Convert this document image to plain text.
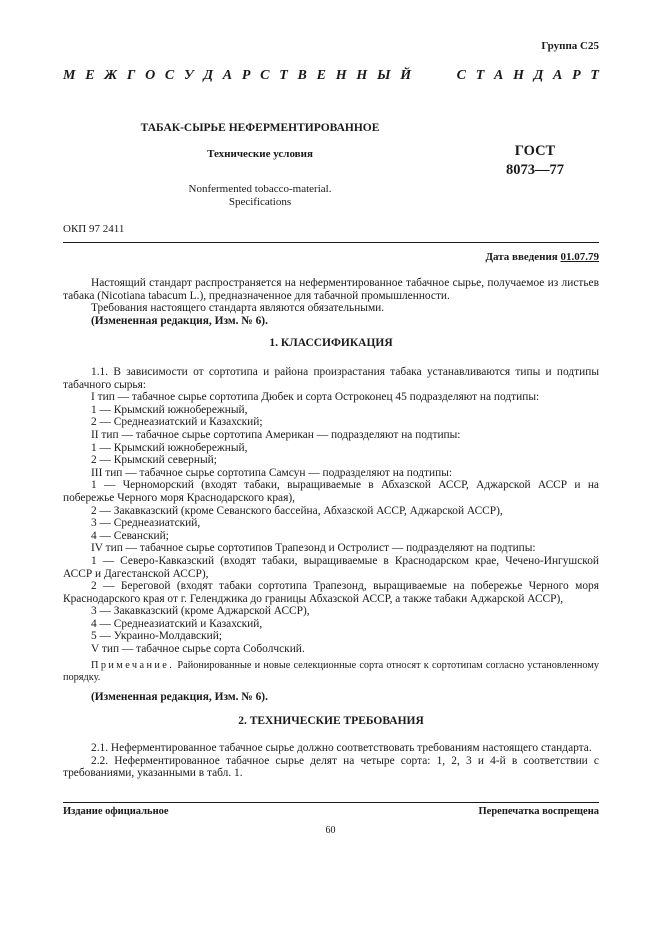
Группа С25
М Е Ж Г О С У Д А Р С Т В Е Н Н Ы Й	С Т А Н Д А Р Т
ТАБАК-СЫРЬЕ НЕФЕРМЕНТИРОВАННОЕ
Технические условия	ГОСТ
8073—77
Nonfermented tobacco-material.
Specifications
ОКП 97 2411
Дата введения 01.07.79

Настоящий стандарт распространяется на неферментированное табачное сырье, получаемое из листьев табака (Nicotiana tabacum L.), предназначенное для табачной промышленности.

Требования настоящего стандарта являются обязательными.

(Измененная редакция, Изм. № 6).

1. КЛАССИФИКАЦИЯ

1.1. В зависимости от сортотипа и района произрастания табака устанавливаются типы и подтипы табачного сырья:

I тип — табачное сырье сортотипа Дюбек и сорта Остроконец 45 подразделяют на подтипы:

1 — Крымский южнобережный,

2 — Среднеазиатский и Казахский;

II тип — табачное сырье сортотипа Американ — подразделяют на подтипы:

1 — Крымский южнобережный,

2 — Крымский северный;

III тип — табачное сырье сортотипа Самсун — подразделяют на подтипы:

1 — Черноморский (входят табаки, выращиваемые в Абхазской АССР, Аджарской АССР и на побережье Черного моря Краснодарского края),

2 — Закавказский (кроме Севанского бассейна, Абхазской АССР, Аджарской АССР),

3 — Среднеазиатский,

4 — Севанский;

IV тип — табачное сырье сортотипов Трапезонд и Остролист — подразделяют на подтипы:

1 — Северо-Кавказский (входят табаки, выращиваемые в Краснодарском крае, Чечено-Ингушской АССР и Дагестанской АССР),

2 — Береговой (входят табаки сортотипа Трапезонд, выращиваемые на побережье Черного моря Краснодарского края от г. Геленджика до границы Абхазской АССР, а также табаки Аджарской АССР),

3 — Закавказский (кроме Аджарской АССР),

4 — Среднеазиатский и Казахский,

5 — Украино-Молдавский;

V тип — табачное сырье сорта Соболчский.

Примечание. Районированные и новые селекционные сорта относят к сортотипам согласно установленному порядку.

(Измененная редакция, Изм. № 6).

2. ТЕХНИЧЕСКИЕ ТРЕБОВАНИЯ

2.1. Неферментированное табачное сырье должно соответствовать требованиям настоящего стандарта.

2.2. Неферментированное табачное сырье делят на четыре сорта: 1, 2, 3 и 4-й в соответствии с требованиями, указанными в табл. 1.

Издание официальное	Перепечатка воспрещена
60
